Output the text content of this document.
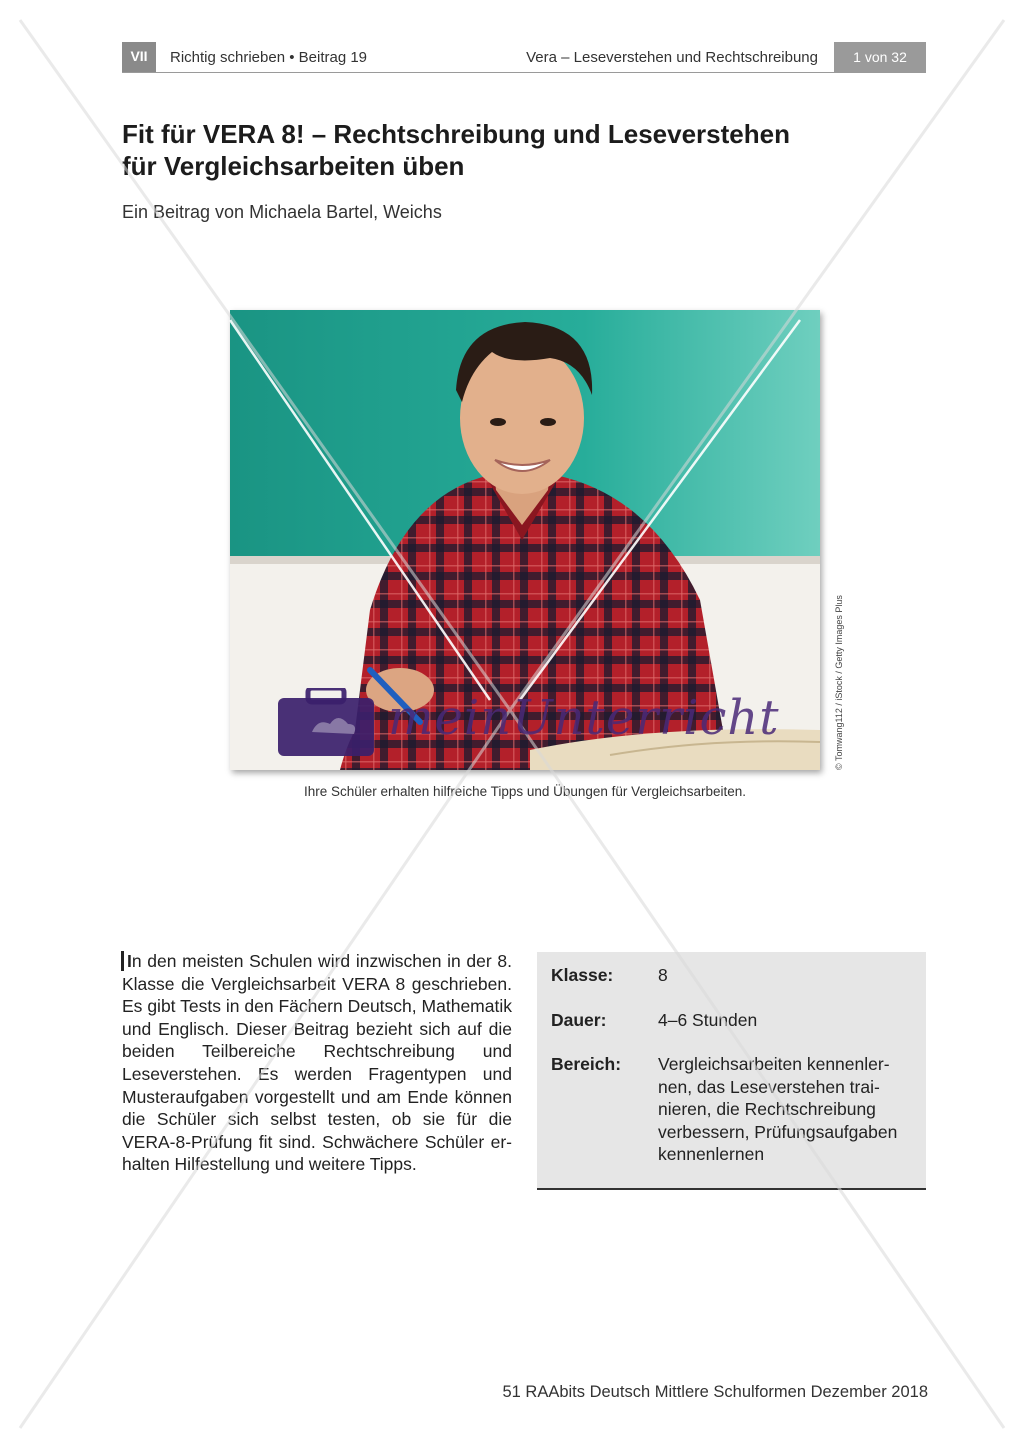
VII	Richtig schrieben • Beitrag 19	Vera – Leseverstehen und Rechtschreibung	1 von 32
Fit für VERA 8! – Rechtschreibung und Leseverstehen
für Vergleichsarbeiten üben
Ein Beitrag von Michaela Bartel, Weichs
© Tomwang112 / iStock / Getty Images Plus
Ihre Schüler erhalten hilfreiche Tipps und Übungen für Vergleichsarbeiten.

In den meisten Schulen wird inzwischen in der 8. Klasse die Vergleichsarbeit VERA 8 geschrieben. Es gibt Tests in den Fächern Deutsch, Mathematik und Englisch. Dieser Beitrag bezieht sich auf die beiden Teilbereiche Rechtschreibung und Leseverstehen. Es werden Fragentypen und Musteraufgaben vorgestellt und am Ende können die Schüler sich selbst testen, ob sie für die VERA-8-Prüfung fit sind. Schwächere Schüler erhalten Hilfestellung und weitere Tipps.

Klasse:	8
Dauer:	4–6 Stunden
Bereich:	Vergleichsarbeiten kennenlernen, das Leseverstehen trainieren, die Rechtschreibung verbessern, Prüfungsaufgaben kennenlernen
51 RAAbits Deutsch Mittlere Schulformen Dezember 2018
meinUnterricht
